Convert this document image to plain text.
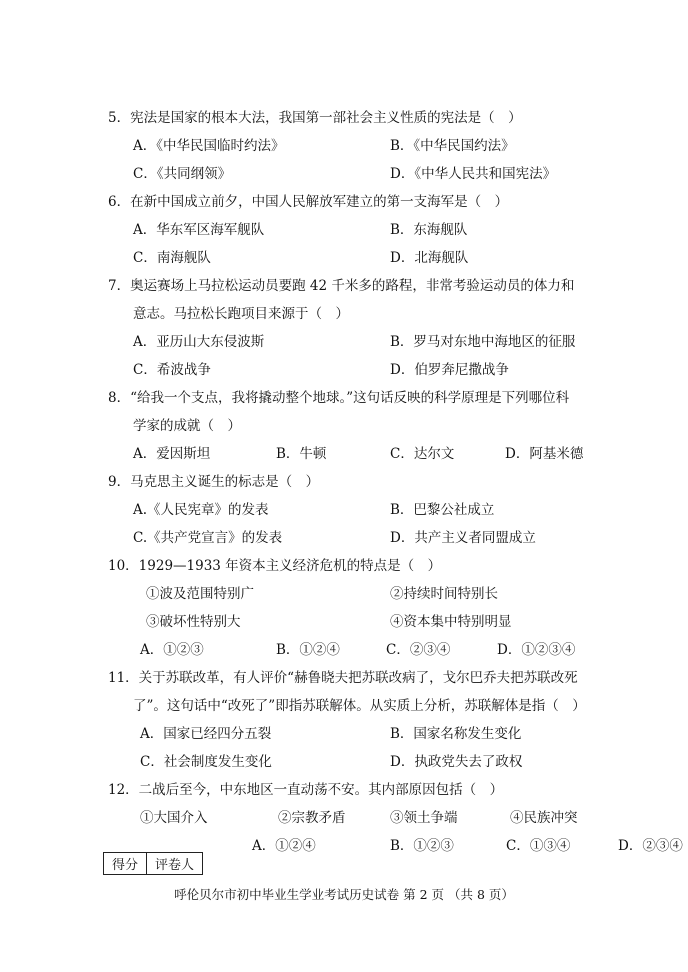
5．宪法是国家的根本大法，我国第一部社会主义性质的宪法是（　）
A．《中华民国临时约法》	B．《中华民国约法》
C．《共同纲领》	D．《中华人民共和国宪法》
6．在新中国成立前夕，中国人民解放军建立的第一支海军是（　）
A．华东军区海军舰队	B．东海舰队
C．南海舰队	D．北海舰队
7．奥运赛场上马拉松运动员要跑 42 千米多的路程，非常考验运动员的体力和
意志。马拉松长跑项目来源于（　）
A．亚历山大东侵波斯	B．罗马对东地中海地区的征服
C．希波战争	D．伯罗奔尼撒战争
8．“给我一个支点，我将撬动整个地球。”这句话反映的科学原理是下列哪位科
学家的成就（　）
A．爱因斯坦	B．牛顿	C．达尔文	D．阿基米德
9．马克思主义诞生的标志是（　）
A.《人民宪章》的发表	B．巴黎公社成立
C.《共产党宣言》的发表	D．共产主义者同盟成立
10．1929—1933 年资本主义经济危机的特点是（　）
①波及范围特别广	②持续时间特别长
③破坏性特别大	④资本集中特别明显
A．①②③	B．①②④	C．②③④	D．①②③④
11．关于苏联改革，有人评价“赫鲁晓夫把苏联改病了，戈尔巴乔夫把苏联改死
了”。这句话中“改死了”即指苏联解体。从实质上分析，苏联解体是指（　）
A．国家已经四分五裂	B．国家名称发生变化
C．社会制度发生变化	D．执政党失去了政权
12．二战后至今，中东地区一直动荡不安。其内部原因包括（　）
①大国介入	②宗教矛盾	③领土争端	④民族冲突
A．①②④	B．①②③	C．①③④	D．②③④
得分	评卷人
呼伦贝尔市初中毕业生学业考试历史试卷 第 2 页 （共 8 页）
